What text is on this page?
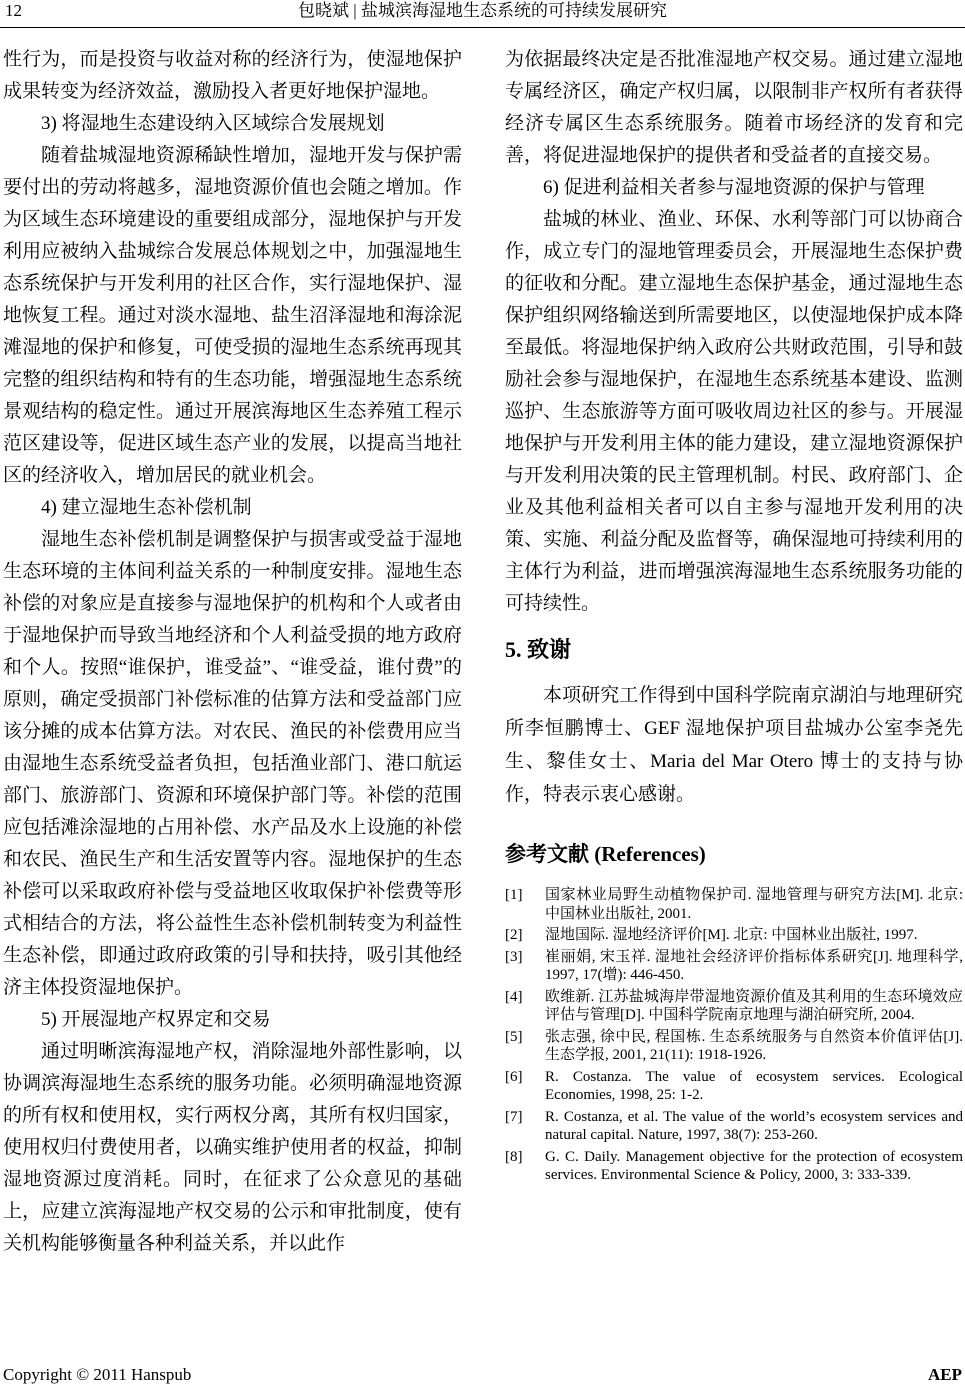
12	包晓斌 | 盐城滨海湿地生态系统的可持续发展研究

性行为，而是投资与收益对称的经济行为，使湿地保护成果转变为经济效益，激励投入者更好地保护湿地。

3) 将湿地生态建设纳入区域综合发展规划

随着盐城湿地资源稀缺性增加，湿地开发与保护需要付出的劳动将越多，湿地资源价值也会随之增加。作为区域生态环境建设的重要组成部分，湿地保护与开发利用应被纳入盐城综合发展总体规划之中，加强湿地生态系统保护与开发利用的社区合作，实行湿地保护、湿地恢复工程。通过对淡水湿地、盐生沼泽湿地和海涂泥滩湿地的保护和修复，可使受损的湿地生态系统再现其完整的组织结构和特有的生态功能，增强湿地生态系统景观结构的稳定性。通过开展滨海地区生态养殖工程示范区建设等，促进区域生态产业的发展，以提高当地社区的经济收入，增加居民的就业机会。

4) 建立湿地生态补偿机制

湿地生态补偿机制是调整保护与损害或受益于湿地生态环境的主体间利益关系的一种制度安排。湿地生态补偿的对象应是直接参与湿地保护的机构和个人或者由于湿地保护而导致当地经济和个人利益受损的地方政府和个人。按照“谁保护，谁受益”、“谁受益，谁付费”的原则，确定受损部门补偿标准的估算方法和受益部门应该分摊的成本估算方法。对农民、渔民的补偿费用应当由湿地生态系统受益者负担，包括渔业部门、港口航运部门、旅游部门、资源和环境保护部门等。补偿的范围应包括滩涂湿地的占用补偿、水产品及水上设施的补偿和农民、渔民生产和生活安置等内容。湿地保护的生态补偿可以采取政府补偿与受益地区收取保护补偿费等形式相结合的方法，将公益性生态补偿机制转变为利益性生态补偿，即通过政府政策的引导和扶持，吸引其他经济主体投资湿地保护。

5) 开展湿地产权界定和交易

通过明晰滨海湿地产权，消除湿地外部性影响，以协调滨海湿地生态系统的服务功能。必须明确湿地资源的所有权和使用权，实行两权分离，其所有权归国家，使用权归付费使用者，以确实维护使用者的权益，抑制湿地资源过度消耗。同时，在征求了公众意见的基础上，应建立滨海湿地产权交易的公示和审批制度，使有关机构能够衡量各种利益关系，并以此作

为依据最终决定是否批准湿地产权交易。通过建立湿地专属经济区，确定产权归属，以限制非产权所有者获得经济专属区生态系统服务。随着市场经济的发育和完善，将促进湿地保护的提供者和受益者的直接交易。

6) 促进利益相关者参与湿地资源的保护与管理

盐城的林业、渔业、环保、水利等部门可以协商合作，成立专门的湿地管理委员会，开展湿地生态保护费的征收和分配。建立湿地生态保护基金，通过湿地生态保护组织网络输送到所需要地区，以使湿地保护成本降至最低。将湿地保护纳入政府公共财政范围，引导和鼓励社会参与湿地保护，在湿地生态系统基本建设、监测巡护、生态旅游等方面可吸收周边社区的参与。开展湿地保护与开发利用主体的能力建设，建立湿地资源保护与开发利用决策的民主管理机制。村民、政府部门、企业及其他利益相关者可以自主参与湿地开发利用的决策、实施、利益分配及监督等，确保湿地可持续利用的主体行为利益，进而增强滨海湿地生态系统服务功能的可持续性。

5. 致谢

本项研究工作得到中国科学院南京湖泊与地理研究所李恒鹏博士、GEF 湿地保护项目盐城办公室李尧先生、黎佳女士、Maria del Mar Otero 博士的支持与协作，特表示衷心感谢。

参考文献 (References)
[1]	国家林业局野生动植物保护司. 湿地管理与研究方法[M]. 北京: 中国林业出版社, 2001.
[2]	湿地国际. 湿地经济评价[M]. 北京: 中国林业出版社, 1997.
[3]	崔丽娟, 宋玉祥. 湿地社会经济评价指标体系研究[J]. 地理科学, 1997, 17(增): 446-450.
[4]	欧维新. 江苏盐城海岸带湿地资源价值及其利用的生态环境效应评估与管理[D]. 中国科学院南京地理与湖泊研究所, 2004.
[5]	张志强, 徐中民, 程国栋. 生态系统服务与自然资本价值评估[J]. 生态学报, 2001, 21(11): 1918-1926.
[6]	R. Costanza. The value of ecosystem services. Ecological Economies, 1998, 25: 1-2.
[7]	R. Costanza, et al. The value of the world’s ecosystem services and natural capital. Nature, 1997, 38(7): 253-260.
[8]	G. C. Daily. Management objective for the protection of ecosystem services. Environmental Science & Policy, 2000, 3: 333-339.
Copyright © 2011 Hanspub	AEP
